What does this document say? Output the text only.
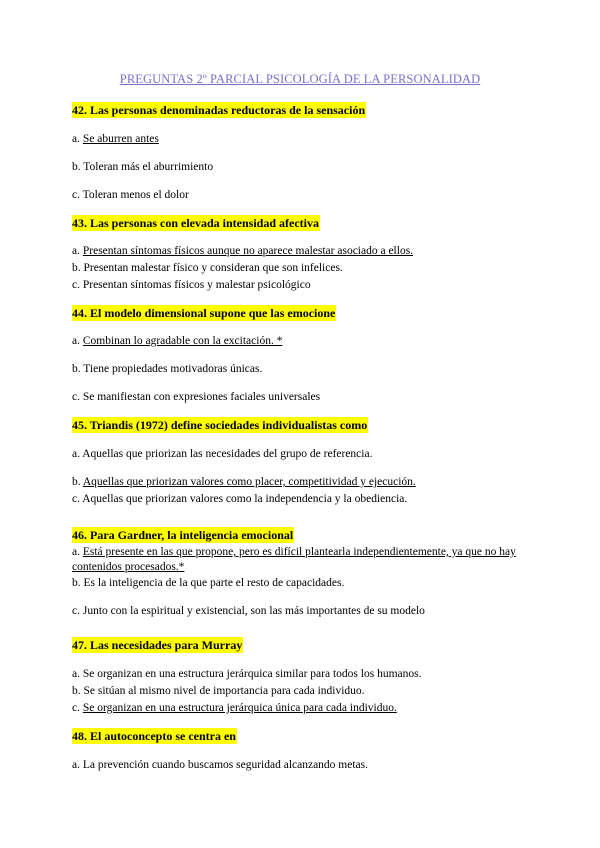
PREGUNTAS 2º PARCIAL PSICOLOGÍA DE LA PERSONALIDAD
42. Las personas denominadas reductoras de la sensación
a. Se aburren antes
b. Toleran más el aburrimiento
c. Toleran menos el dolor
43. Las personas con elevada intensidad afectiva
a. Presentan síntomas físicos aunque no aparece malestar asociado a ellos.
b. Presentan malestar físico y consideran que son infelices.
c. Presentan síntomas físicos y malestar psicológico
44. El modelo dimensional supone que las emocione
a. Combinan lo agradable con la excitación. *
b. Tiene propiedades motivadoras únicas.
c. Se manifiestan con expresiones faciales universales
45. Triandis (1972) define sociedades individualistas como
a. Aquellas que priorizan las necesidades del grupo de referencia.
b. Aquellas que priorizan valores como placer, competitividad y ejecución.
c. Aquellas que priorizan valores como la independencia y la obediencia.
46. Para Gardner, la inteligencia emocional
a. Está presente en las que propone, pero es difícil plantearla independientemente, ya que no hay contenidos procesados.*
b. Es la inteligencia de la que parte el resto de capacidades.
c. Junto con la espiritual y existencial, son las más importantes de su modelo
47. Las necesidades para Murray
a. Se organizan en una estructura jerárquica similar para todos los humanos.
b. Se sitúan al mismo nivel de importancia para cada individuo.
c. Se organizan en una estructura jerárquica única para cada individuo.
48. El autoconcepto se centra en
a. La prevención cuando buscamos seguridad alcanzando metas.
